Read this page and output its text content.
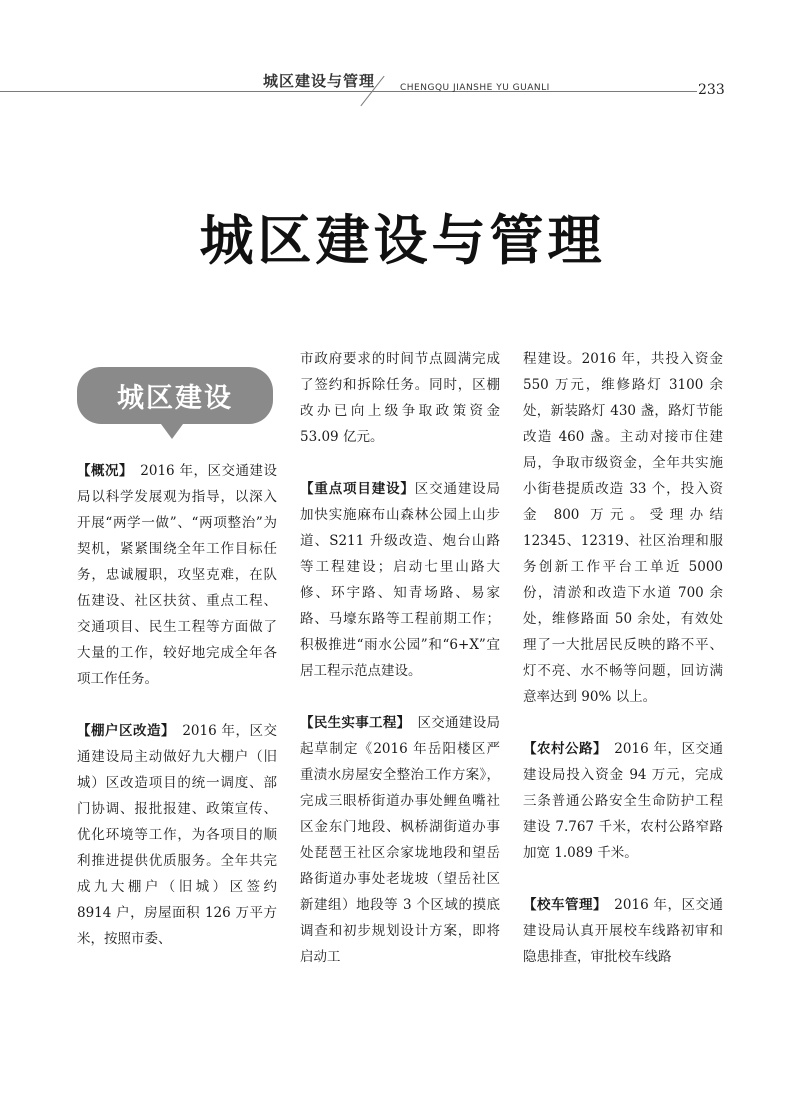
城区建设与管理	CHENGQU JIANSHE YU GUANLI	233
城区建设与管理
城区建设

【概况】　2016 年，区交通建设局以科学发展观为指导，以深入开展“两学一做”、“两项整治”为契机，紧紧围绕全年工作目标任务，忠诚履职，攻坚克难，在队伍建设、社区扶贫、重点工程、交通项目、民生工程等方面做了大量的工作，较好地完成全年各项工作任务。

【棚户区改造】　2016 年，区交通建设局主动做好九大棚户（旧城）区改造项目的统一调度、部门协调、报批报建、政策宣传、优化环境等工作，为各项目的顺利推进提供优质服务。全年共完成九大棚户（旧城）区签约 8914 户，房屋面积 126 万平方米，按照市委、

市政府要求的时间节点圆满完成了签约和拆除任务。同时，区棚改办已向上级争取政策资金 53.09 亿元。

【重点项目建设】区交通建设局加快实施麻布山森林公园上山步道、S211 升级改造、炮台山路等工程建设；启动七里山路大修、环宇路、知青场路、易家路、马壕东路等工程前期工作；积极推进“雨水公园”和“6+X”宜居工程示范点建设。

【民生实事工程】　区交通建设局起草制定《2016 年岳阳楼区严重渍水房屋安全整治工作方案》，完成三眼桥街道办事处鲤鱼嘴社区金东门地段、枫桥湖街道办事处琵琶王社区佘家垅地段和望岳路街道办事处老垅坡（望岳社区新建组）地段等 3 个区域的摸底调查和初步规划设计方案，即将启动工

程建设。2016 年，共投入资金 550 万元，维修路灯 3100 余处，新装路灯 430 盏，路灯节能改造 460 盏。主动对接市住建局，争取市级资金，全年共实施小街巷提质改造 33 个，投入资金 800 万元。受理办结 12345、12319、社区治理和服务创新工作平台工单近 5000 份，清淤和改造下水道 700 余处，维修路面 50 余处，有效处理了一大批居民反映的路不平、灯不亮、水不畅等问题，回访满意率达到 90% 以上。

【农村公路】　2016 年，区交通建设局投入资金 94 万元，完成三条普通公路安全生命防护工程建设 7.767 千米，农村公路窄路加宽 1.089 千米。

【校车管理】　2016 年，区交通建设局认真开展校车线路初审和隐患排查，审批校车线路
